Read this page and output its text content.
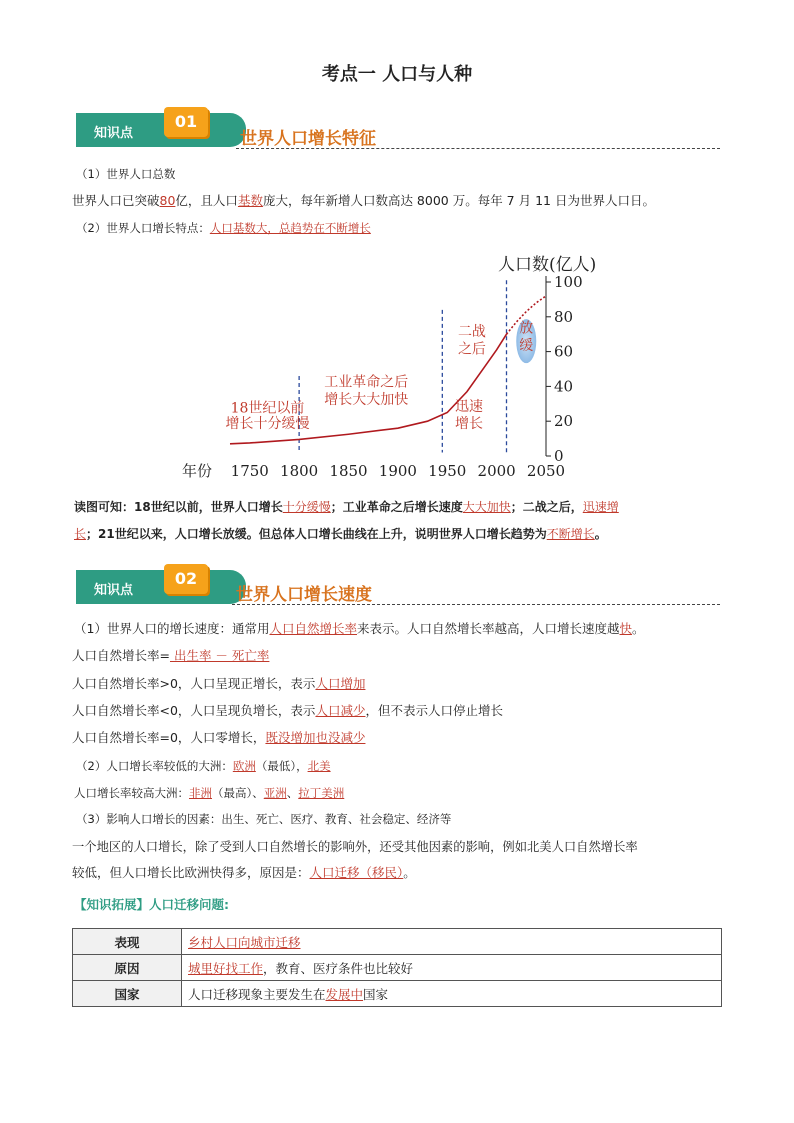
考点一 人口与人种
知识点
01
世界人口增长特征
（1）世界人口总数
世界人口已突破80亿，且人口基数庞大，每年新增人口数高达 8000 万。每年 7 月 11 日为世界人口日。
（2）世界人口增长特点：人口基数大，总趋势在不断增长
0
20
40
60
80
100
人口数(亿人)
年份 1750 1800 1850 1900 1950 2000 2050
18世纪以前
增长十分缓慢
工业革命之后
增长大大加快
二战
之后
迅速
增长
放
缓
读图可知：18世纪以前，世界人口增长十分缓慢；工业革命之后增长速度大大加快；二战之后，迅速增
长；21世纪以来，人口增长放缓。但总体人口增长曲线在上升，说明世界人口增长趋势为不断增长。
知识点
02
世界人口增长速度
（1）世界人口的增长速度：通常用人口自然增长率来表示。人口自然增长率越高，人口增长速度越快。
人口自然增长率= 出生率 － 死亡率
人口自然增长率>0，人口呈现正增长，表示人口增加
人口自然增长率<0，人口呈现负增长，表示人口减少，但不表示人口停止增长
人口自然增长率=0，人口零增长，既没增加也没减少
（2）人口增长率较低的大洲：欧洲（最低），北美
人口增长率较高大洲：非洲（最高）、亚洲、拉丁美洲
（3）影响人口增长的因素：出生、死亡、医疗、教育、社会稳定、经济等
一个地区的人口增长，除了受到人口自然增长的影响外，还受其他因素的影响，例如北美人口自然增长率
较低，但人口增长比欧洲快得多，原因是：人口迁移（移民）。
【知识拓展】人口迁移问题:
表现	乡村人口向城市迁移
原因	城里好找工作，教育、医疗条件也比较好
国家	人口迁移现象主要发生在发展中国家
